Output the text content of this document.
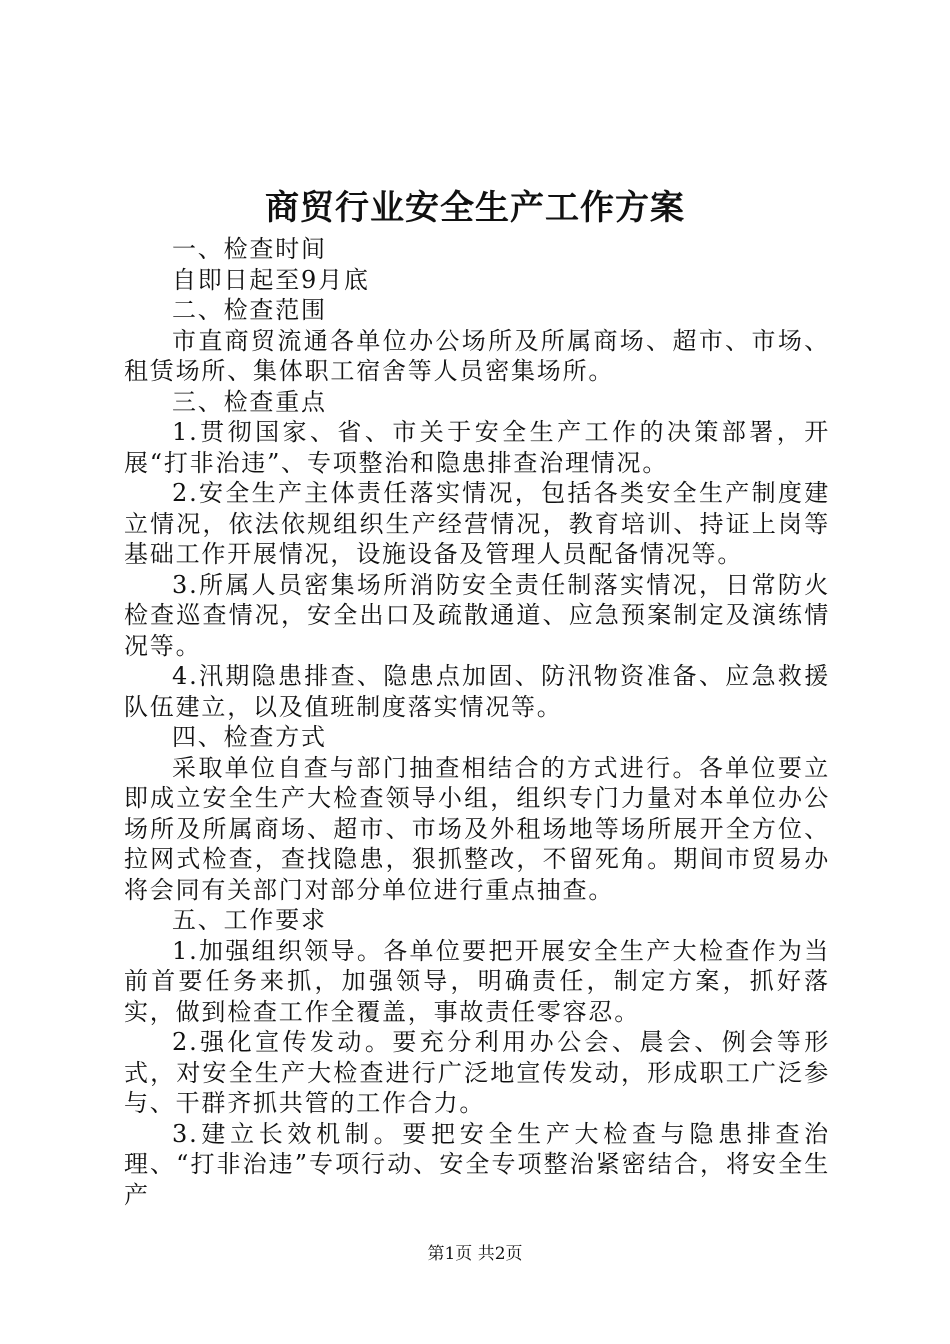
商贸行业安全生产工作方案

一、检查时间

自即日起至9月底

二、检查范围

市直商贸流通各单位办公场所及所属商场、超市、市场、租赁场所、集体职工宿舍等人员密集场所。

三、检查重点

1.贯彻国家、省、市关于安全生产工作的决策部署，开展“打非治违”、专项整治和隐患排查治理情况。

2.安全生产主体责任落实情况，包括各类安全生产制度建立情况，依法依规组织生产经营情况，教育培训、持证上岗等基础工作开展情况，设施设备及管理人员配备情况等。

3.所属人员密集场所消防安全责任制落实情况，日常防火检查巡查情况，安全出口及疏散通道、应急预案制定及演练情况等。

4.汛期隐患排查、隐患点加固、防汛物资准备、应急救援队伍建立，以及值班制度落实情况等。

四、检查方式

采取单位自查与部门抽查相结合的方式进行。各单位要立即成立安全生产大检查领导小组，组织专门力量对本单位办公场所及所属商场、超市、市场及外租场地等场所展开全方位、拉网式检查，查找隐患，狠抓整改，不留死角。期间市贸易办将会同有关部门对部分单位进行重点抽查。

五、工作要求

1.加强组织领导。各单位要把开展安全生产大检查作为当前首要任务来抓，加强领导，明确责任，制定方案，抓好落实，做到检查工作全覆盖，事故责任零容忍。

2.强化宣传发动。要充分利用办公会、晨会、例会等形式，对安全生产大检查进行广泛地宣传发动，形成职工广泛参与、干群齐抓共管的工作合力。

3.建立长效机制。要把安全生产大检查与隐患排查治理、“打非治违”专项行动、安全专项整治紧密结合，将安全生产

第1页 共2页
